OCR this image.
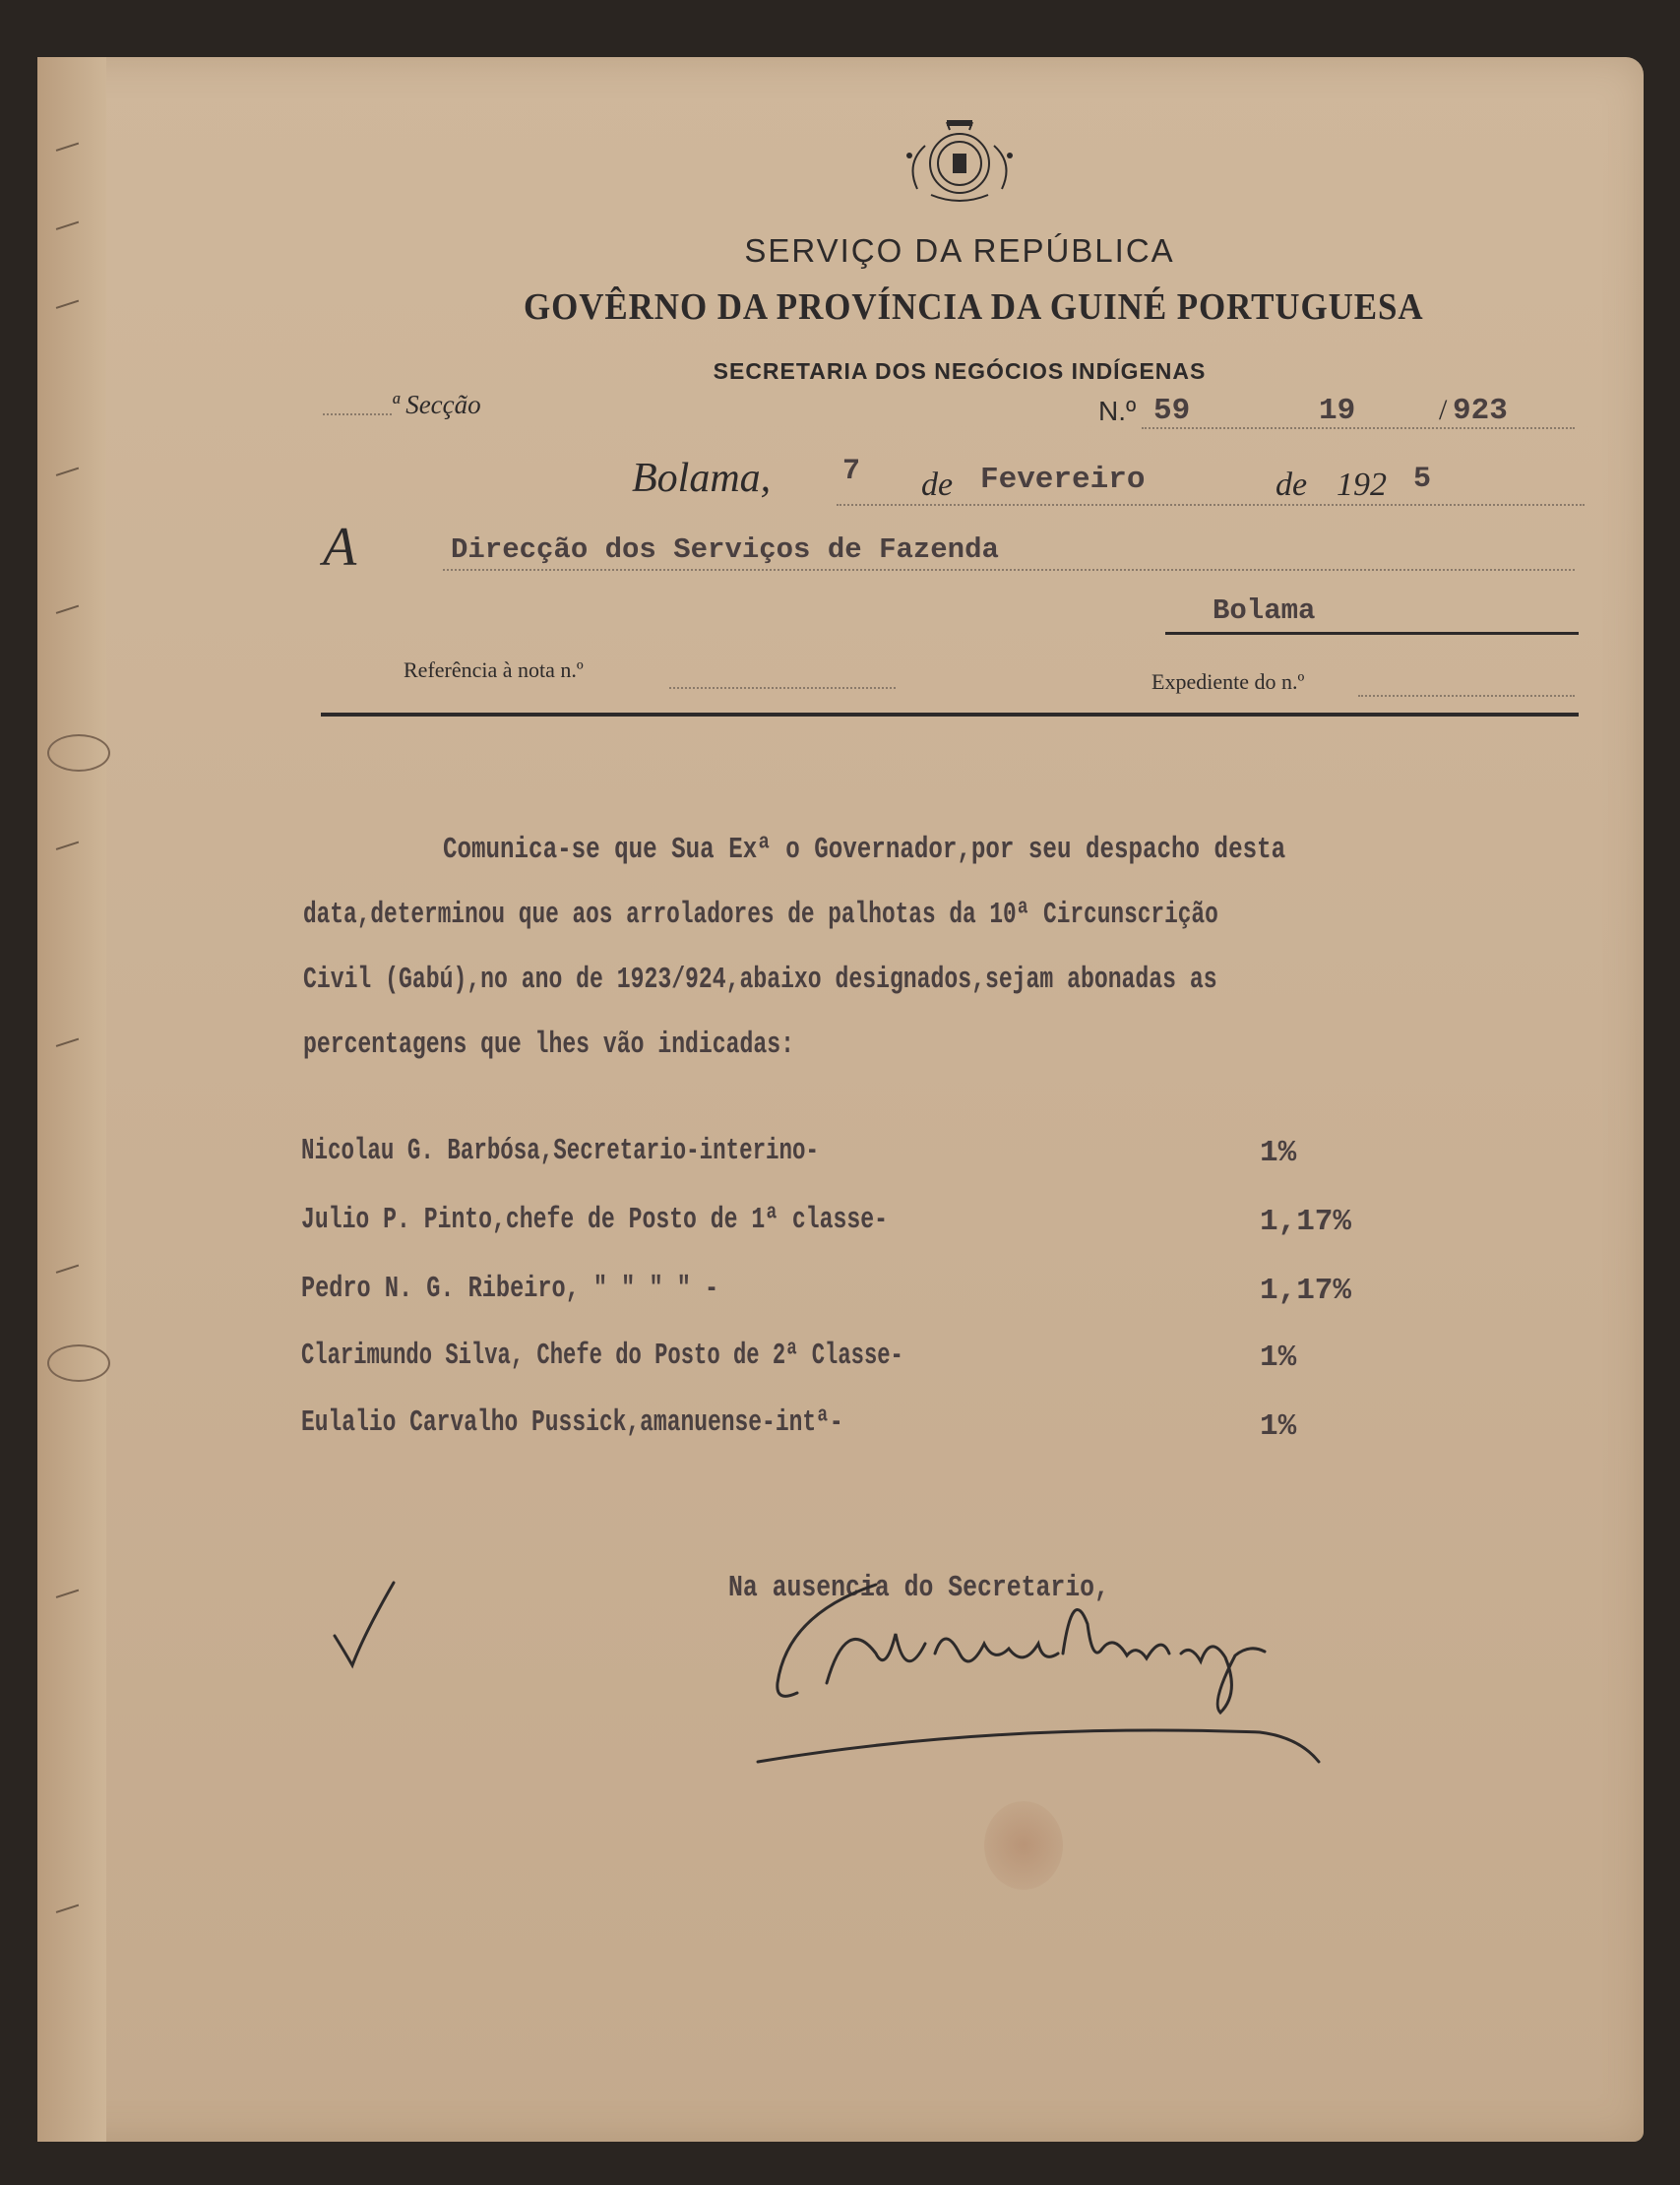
SERVIÇO DA REPÚBLICA
GOVÊRNO DA PROVÍNCIA DA GUINÉ PORTUGUESA
SECRETARIA DOS NEGÓCIOS INDÍGENAS
ª Secção	N.º 59	19	/ 923
Bolama, 7 de Fevereiro	de 192 5
A	Direcção dos Serviços de Fazenda
Bolama
Referência à nota n.º	Expediente do n.º
Comunica-se que Sua Exª o Governador,por seu despacho desta
data,determinou que aos arroladores de palhotas da 10ª Circunscrição
Civil (Gabú),no ano de 1923/924,abaixo designados,sejam abonadas as
percentagens que lhes vão indicadas:
Nicolau G. Barbósa,Secretario-interino-	1%
Julio P. Pinto,chefe de Posto de 1ª classe-	1,17%
Pedro N. G. Ribeiro, " " " " -	1,17%
Clarimundo Silva, Chefe do Posto de 2ª Classe-	1%
Eulalio Carvalho Pussick,amanuense-intª-	1%
Na ausencia do Secretario,
